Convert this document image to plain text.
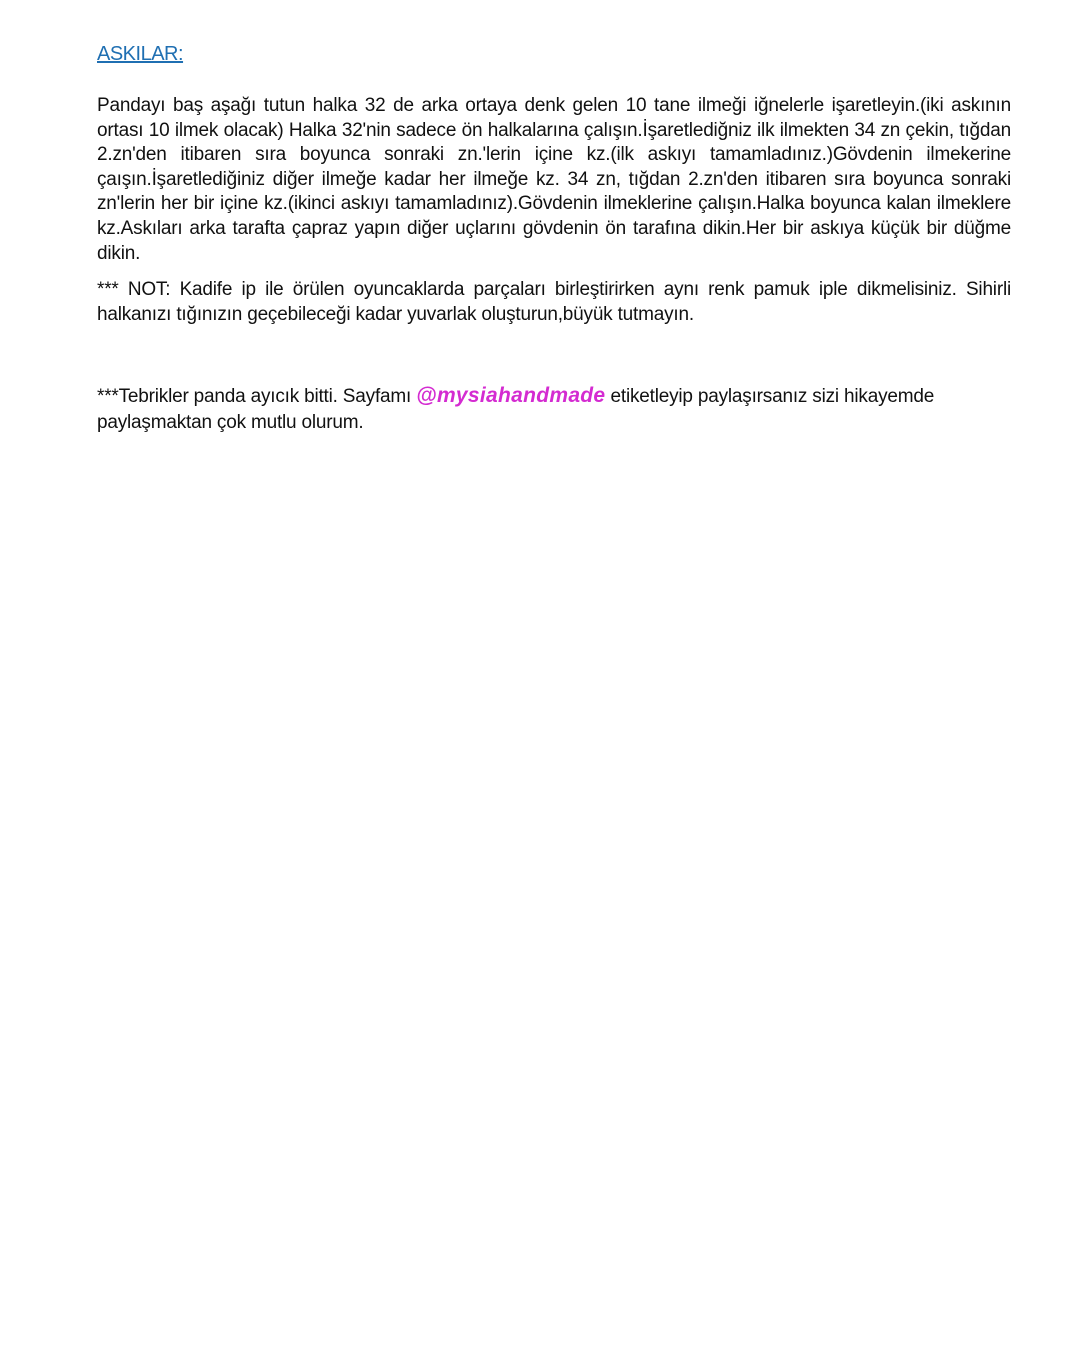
ASKILAR:

Pandayı baş aşağı tutun halka 32 de arka ortaya denk gelen 10 tane ilmeği iğnelerle işaretleyin.(iki askının ortası 10 ilmek olacak) Halka 32'nin sadece ön halkalarına çalışın.İşaretlediğniz ilk ilmekten 34 zn çekin, tığdan 2.zn'den itibaren sıra boyunca sonraki zn.'lerin içine kz.(ilk askıyı tamamladınız.)Gövdenin ilmekerine çaışın.İşaretlediğiniz diğer ilmeğe kadar her ilmeğe kz. 34 zn, tığdan 2.zn'den itibaren sıra boyunca sonraki zn'lerin her bir içine kz.(ikinci askıyı tamamladınız).Gövdenin ilmeklerine çalışın.Halka boyunca kalan ilmeklere kz.Askıları arka tarafta çapraz yapın diğer uçlarını gövdenin ön tarafına dikin.Her bir askıya küçük bir düğme dikin.

*** NOT: Kadife ip ile örülen oyuncaklarda parçaları birleştirirken aynı renk pamuk iple dikmelisiniz. Sihirli halkanızı tığınızın geçebileceği kadar yuvarlak oluşturun,büyük tutmayın.

***Tebrikler panda ayıcık bitti. Sayfamı @mysiahandmade etiketleyip paylaşırsanız sizi hikayemde paylaşmaktan çok mutlu olurum.
